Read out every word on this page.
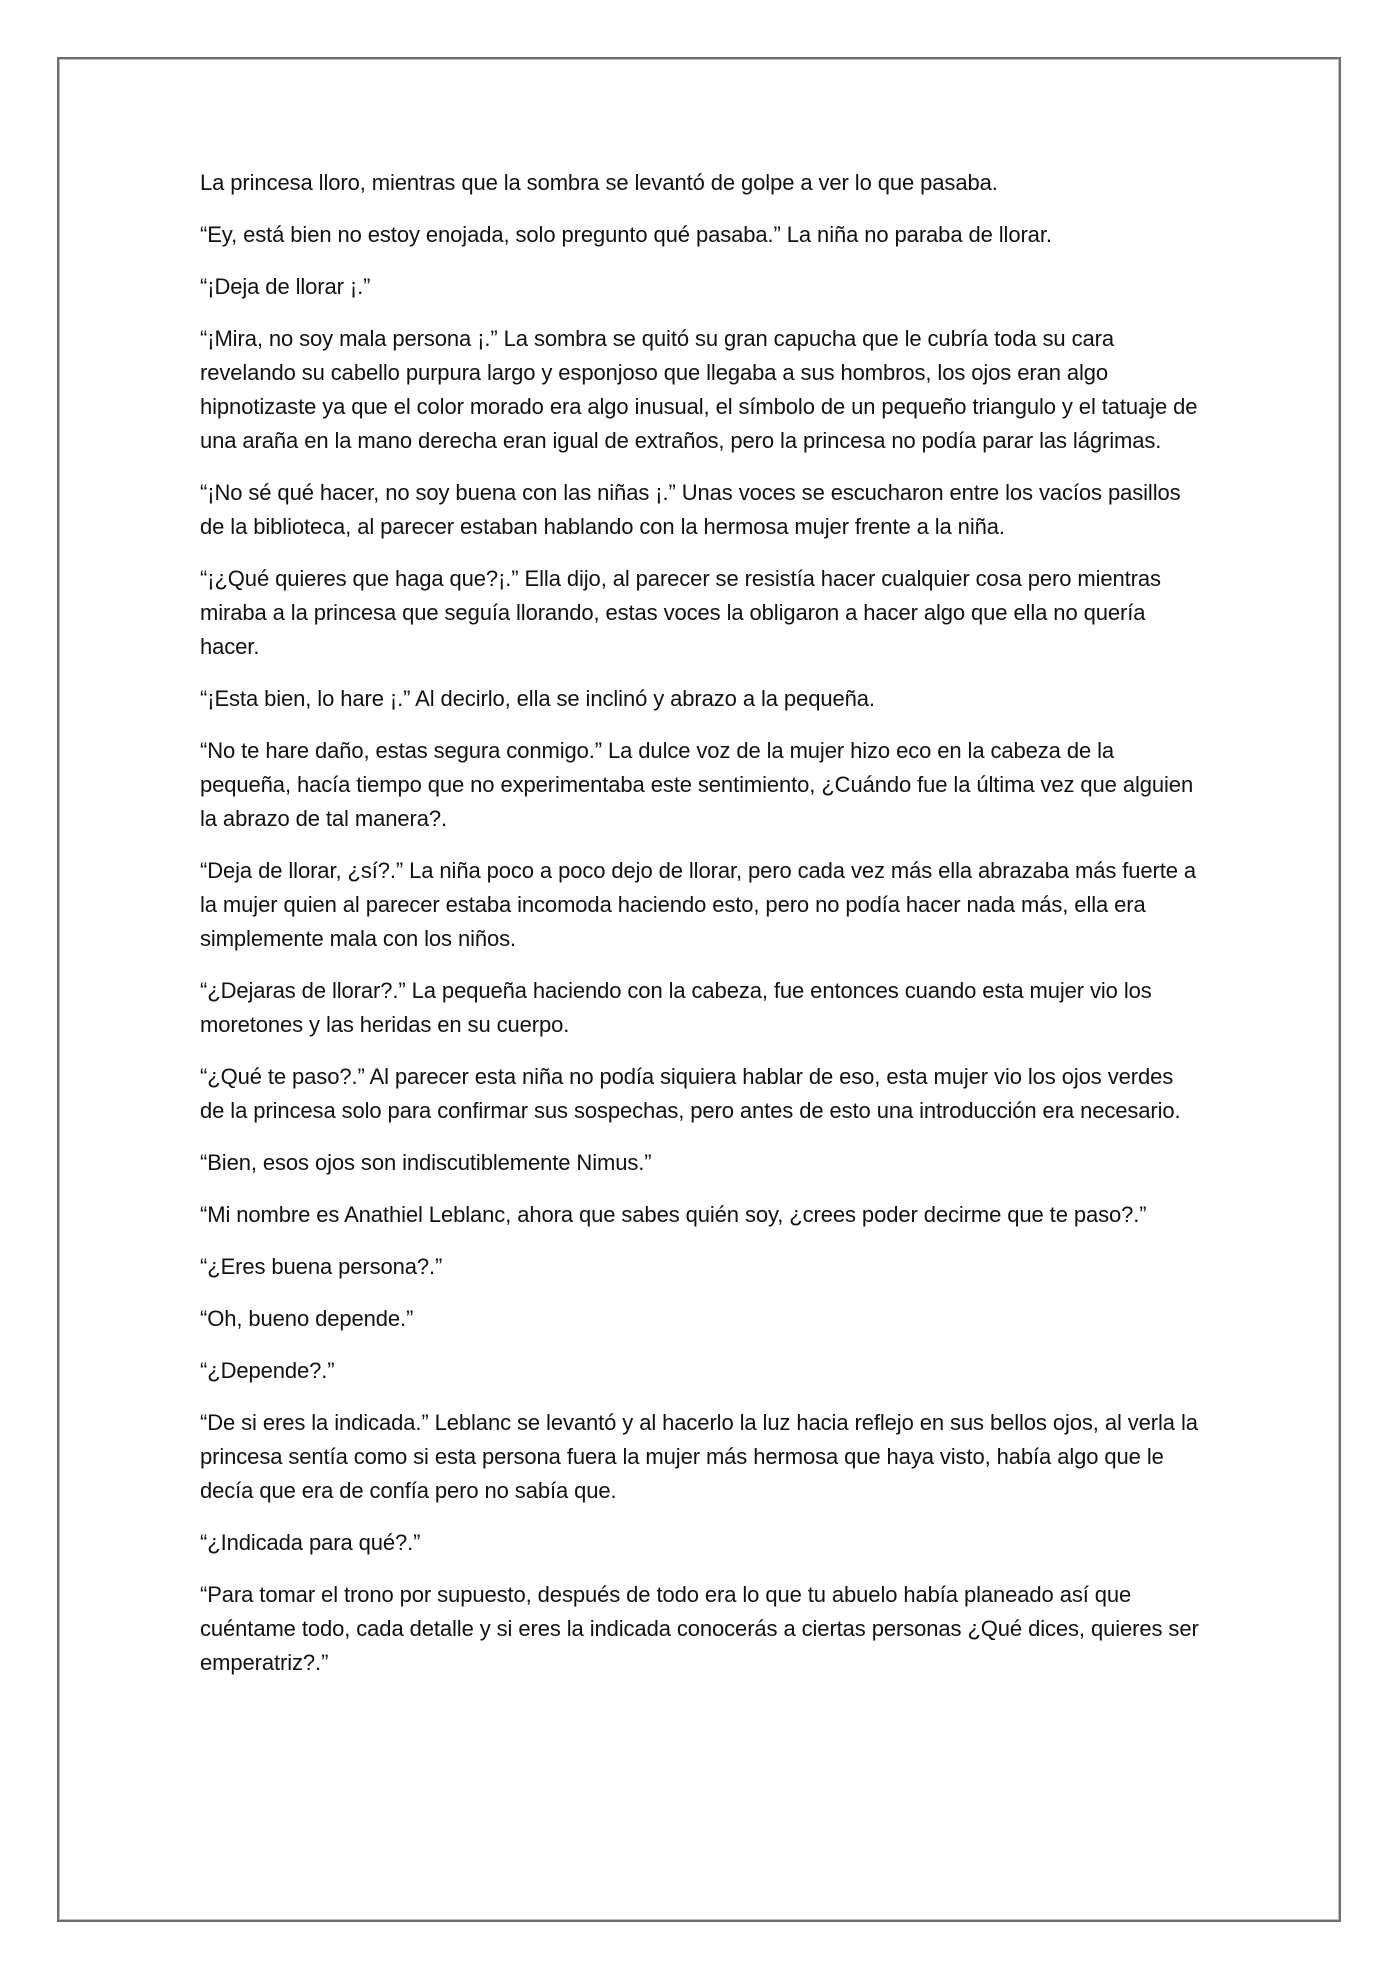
La princesa lloro, mientras que la sombra se levantó de golpe a ver lo que pasaba.

“Ey, está bien no estoy enojada, solo pregunto qué pasaba.” La niña no paraba de llorar.

“¡Deja de llorar ¡.”

“¡Mira, no soy mala persona ¡.” La sombra se quitó su gran capucha que le cubría toda su cara revelando su cabello purpura largo y esponjoso que llegaba a sus hombros, los ojos eran algo hipnotizaste ya que el color morado era algo inusual, el símbolo de un pequeño triangulo y el tatuaje de una araña en la mano derecha eran igual de extraños, pero la princesa no podía parar las lágrimas.

“¡No sé qué hacer, no soy buena con las niñas ¡.” Unas voces se escucharon entre los vacíos pasillos de la biblioteca, al parecer estaban hablando con la hermosa mujer frente a la niña.

“¡¿Qué quieres que haga que?¡.” Ella dijo, al parecer se resistía hacer cualquier cosa pero mientras miraba a la princesa que seguía llorando, estas voces la obligaron a hacer algo que ella no quería hacer.

“¡Esta bien, lo hare ¡.” Al decirlo, ella se inclinó y abrazo a la pequeña.

“No te hare daño, estas segura conmigo.” La dulce voz de la mujer hizo eco en la cabeza de la pequeña, hacía tiempo que no experimentaba este sentimiento, ¿Cuándo fue la última vez que alguien la abrazo de tal manera?.

“Deja de llorar, ¿sí?.” La niña poco a poco dejo de llorar, pero cada vez más ella abrazaba más fuerte a la mujer quien al parecer estaba incomoda haciendo esto, pero no podía hacer nada más, ella era simplemente mala con los niños.

“¿Dejaras de llorar?.” La pequeña haciendo con la cabeza, fue entonces cuando esta mujer vio los moretones y las heridas en su cuerpo.

“¿Qué te paso?.” Al parecer esta niña no podía siquiera hablar de eso, esta mujer vio los ojos verdes de la princesa solo para confirmar sus sospechas, pero antes de esto una introducción era necesario.

“Bien, esos ojos son indiscutiblemente Nimus.”

“Mi nombre es Anathiel Leblanc, ahora que sabes quién soy, ¿crees poder decirme que te paso?.”

“¿Eres buena persona?.”

“Oh, bueno depende.”

“¿Depende?.”

“De si eres la indicada.” Leblanc se levantó y al hacerlo la luz hacia reflejo en sus bellos ojos, al verla la princesa sentía como si esta persona fuera la mujer más hermosa que haya visto, había algo que le decía que era de confía pero no sabía que.

“¿Indicada para qué?.”

“Para tomar el trono por supuesto, después de todo era lo que tu abuelo había planeado así que cuéntame todo, cada detalle y si eres la indicada conocerás a ciertas personas ¿Qué dices, quieres ser emperatriz?.”
